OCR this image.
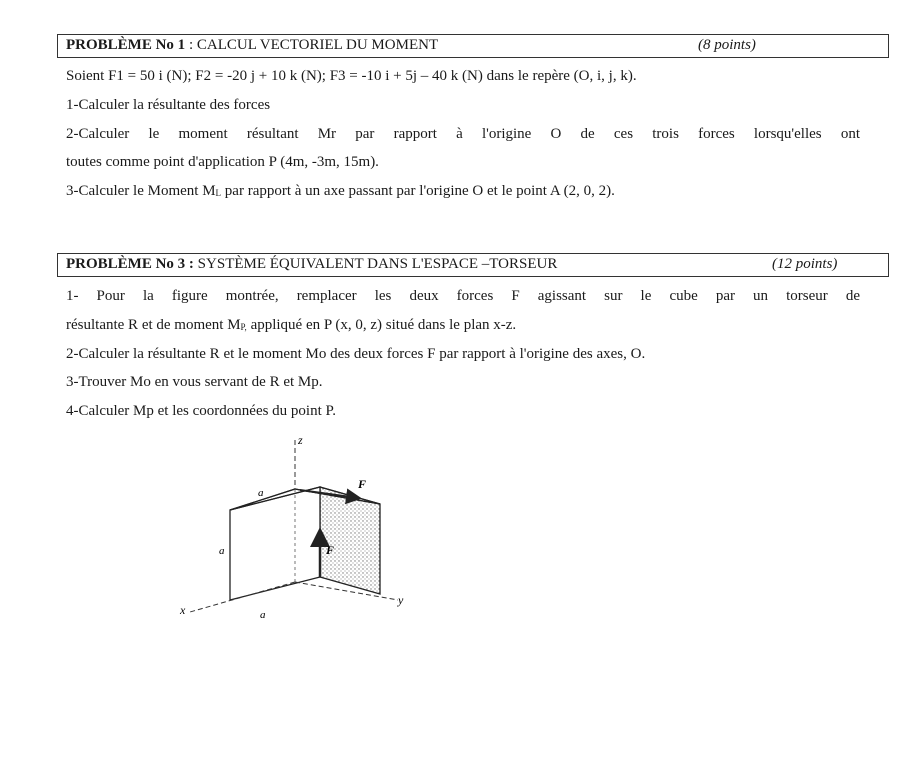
PROBLÈME No 1 : CALCUL VECTORIEL DU MOMENT	(8 points)
Soient F1 = 50 i (N); F2 = -20 j + 10 k (N); F3 = -10 i + 5j – 40 k (N) dans le repère (O, i, j, k).
1-Calculer la résultante des forces
2-Calculer le moment résultant Mr par rapport à l'origine O de ces trois forces lorsqu'elles ont
toutes comme point d'application P (4m, -3m, 15m).
3-Calculer le Moment $M_L$ par rapport à un axe passant par l'origine O et le point A (2, 0, 2).
PROBLÈME No 3 : SYSTÈME ÉQUIVALENT DANS L'ESPACE –TORSEUR	(12 points)
1- Pour la figure montrée, remplacer les deux forces F agissant sur le cube par un torseur de
résultante R et de moment $M_{P,}$ appliqué en P (x, 0, z) situé dans le plan x-z.
2-Calculer la résultante R et le moment Mo des deux forces F par rapport à l'origine des axes, O.
3-Trouver Mo en vous servant de R et Mp.
4-Calculer Mp et les coordonnées du point P.
z
x
y
F
F
a
a
a
